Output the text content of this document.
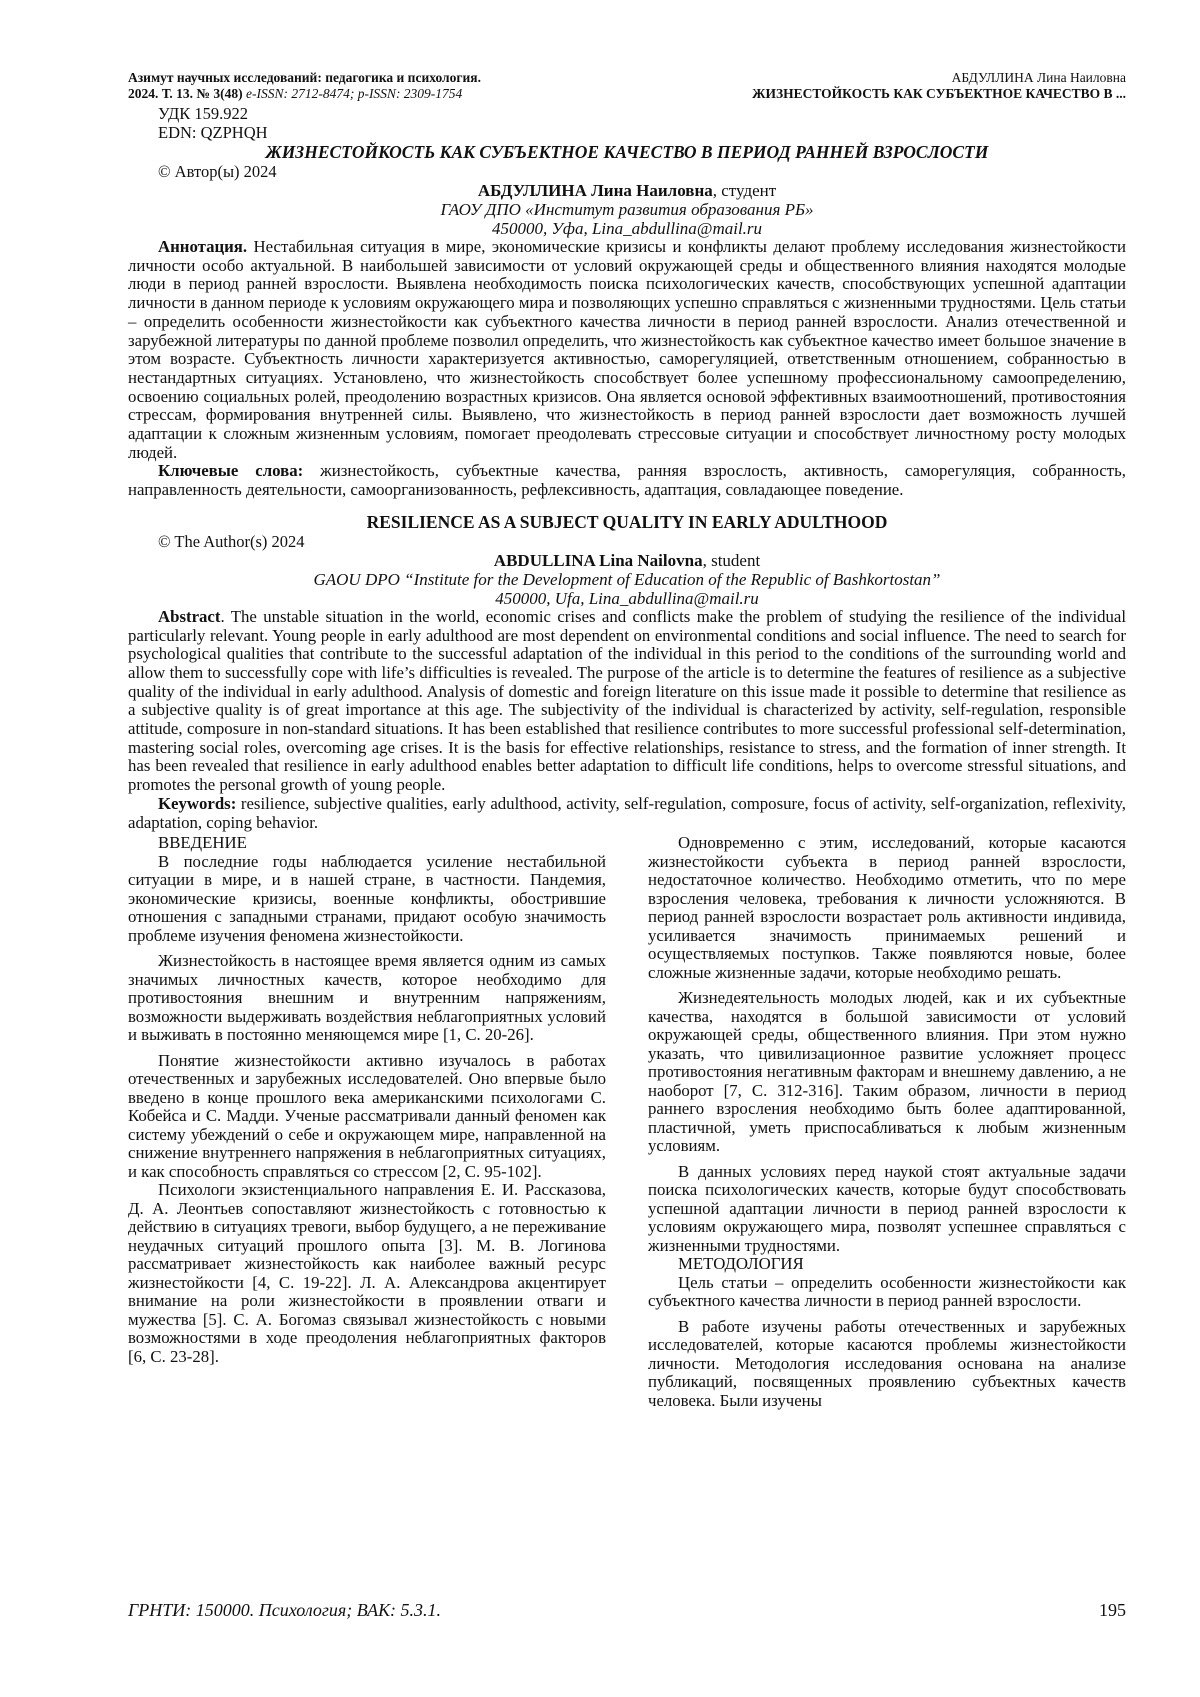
Азимут научных исследований: педагогика и психология.
2024. Т. 13. № 3(48) e-ISSN: 2712-8474; p-ISSN: 2309-1754
АБДУЛЛИНА Лина Наиловна
ЖИЗНЕСТОЙКОСТЬ КАК СУБЪЕКТНОЕ КАЧЕСТВО В ...
УДК 159.922
EDN: QZPHQH
ЖИЗНЕСТОЙКОСТЬ КАК СУБЪЕКТНОЕ КАЧЕСТВО В ПЕРИОД РАННЕЙ ВЗРОСЛОСТИ
© Автор(ы) 2024
АБДУЛЛИНА Лина Наиловна, студент
ГАОУ ДПО «Институт развития образования РБ»
450000, Уфа, Lina_abdullina@mail.ru

Аннотация. Нестабильная ситуация в мире, экономические кризисы и конфликты делают проблему исследования жизнестойкости личности особо актуальной. В наибольшей зависимости от условий окружающей среды и общественного влияния находятся молодые люди в период ранней взрослости. Выявлена необходимость поиска психологических качеств, способствующих успешной адаптации личности в данном периоде к условиям окружающего мира и позволяющих успешно справляться с жизненными трудностями. Цель статьи – определить особенности жизнестойкости как субъектного качества личности в период ранней взрослости. Анализ отечественной и зарубежной литературы по данной проблеме позволил определить, что жизнестойкость как субъектное качество имеет большое значение в этом возрасте. Субъектность личности характеризуется активностью, саморегуляцией, ответственным отношением, собранностью в нестандартных ситуациях. Установлено, что жизнестойкость способствует более успешному профессиональному самоопределению, освоению социальных ролей, преодолению возрастных кризисов. Она является основой эффективных взаимоотношений, противостояния стрессам, формирования внутренней силы. Выявлено, что жизнестойкость в период ранней взрослости дает возможность лучшей адаптации к сложным жизненным условиям, помогает преодолевать стрессовые ситуации и способствует личностному росту молодых людей.

Ключевые слова: жизнестойкость, субъектные качества, ранняя взрослость, активность, саморегуляция, собранность, направленность деятельности, самоорганизованность, рефлексивность, адаптация, совладающее поведение.

RESILIENCE AS A SUBJECT QUALITY IN EARLY ADULTHOOD
© The Author(s) 2024
ABDULLINA Lina Nailovna, student
GAOU DPO “Institute for the Development of Education of the Republic of Bashkortostan”
450000, Ufa, Lina_abdullina@mail.ru

Abstract. The unstable situation in the world, economic crises and conflicts make the problem of studying the resilience of the individual particularly relevant. Young people in early adulthood are most dependent on environmental conditions and social influence. The need to search for psychological qualities that contribute to the successful adaptation of the individual in this period to the conditions of the surrounding world and allow them to successfully cope with life’s difficulties is revealed. The purpose of the article is to determine the features of resilience as a subjective quality of the individual in early adulthood. Analysis of domestic and foreign literature on this issue made it possible to determine that resilience as a subjective quality is of great importance at this age. The subjectivity of the individual is characterized by activity, self-regulation, responsible attitude, composure in non-standard situations. It has been established that resilience contributes to more successful professional self-determination, mastering social roles, overcoming age crises. It is the basis for effective relationships, resistance to stress, and the formation of inner strength. It has been revealed that resilience in early adulthood enables better adaptation to difficult life conditions, helps to overcome stressful situations, and promotes the personal growth of young people.

Keywords: resilience, subjective qualities, early adulthood, activity, self-regulation, composure, focus of activity, self-organization, reflexivity, adaptation, coping behavior.

ВВЕДЕНИЕ

В последние годы наблюдается усиление нестабильной ситуации в мире, и в нашей стране, в частности. Пандемия, экономические кризисы, военные конфликты, обострившие отношения с западными странами, придают особую значимость проблеме изучения феномена жизнестойкости.

Жизнестойкость в настоящее время является одним из самых значимых личностных качеств, которое необходимо для противостояния внешним и внутренним напряжениям, возможности выдерживать воздействия неблагоприятных условий и выживать в постоянно меняющемся мире [1, С. 20-26].

Понятие жизнестойкости активно изучалось в работах отечественных и зарубежных исследователей. Оно впервые было введено в конце прошлого века американскими психологами С. Кобейса и С. Мадди. Ученые рассматривали данный феномен как систему убеждений о себе и окружающем мире, направленной на снижение внутреннего напряжения в неблагоприятных ситуациях, и как способность справляться со стрессом [2, С. 95-102].

Психологи экзистенциального направления Е. И. Рассказова, Д. А. Леонтьев сопоставляют жизнестойкость с готовностью к действию в ситуациях тревоги, выбор будущего, а не переживание неудачных ситуаций прошлого опыта [3]. М. В. Логинова рассматривает жизнестойкость как наиболее важный ресурс жизнестойкости [4, С. 19-22]. Л. А. Александрова акцентирует внимание на роли жизнестойкости в проявлении отваги и мужества [5]. С. А. Богомаз связывал жизнестойкость с новыми возможностями в ходе преодоления неблагоприятных факторов [6, С. 23-28].

Одновременно с этим, исследований, которые касаются жизнестойкости субъекта в период ранней взрослости, недостаточное количество. Необходимо отметить, что по мере взросления человека, требования к личности усложняются. В период ранней взрослости возрастает роль активности индивида, усиливается значимость принимаемых решений и осуществляемых поступков. Также появляются новые, более сложные жизненные задачи, которые необходимо решать.

Жизнедеятельность молодых людей, как и их субъектные качества, находятся в большой зависимости от условий окружающей среды, общественного влияния. При этом нужно указать, что цивилизационное развитие усложняет процесс противостояния негативным факторам и внешнему давлению, а не наоборот [7, С. 312-316]. Таким образом, личности в период раннего взросления необходимо быть более адаптированной, пластичной, уметь приспосабливаться к любым жизненным условиям.

В данных условиях перед наукой стоят актуальные задачи поиска психологических качеств, которые будут способствовать успешной адаптации личности в период ранней взрослости к условиям окружающего мира, позволят успешнее справляться с жизненными трудностями.

МЕТОДОЛОГИЯ

Цель статьи – определить особенности жизнестойкости как субъектного качества личности в период ранней взрослости.

В работе изучены работы отечественных и зарубежных исследователей, которые касаются проблемы жизнестойкости личности. Методология исследования основана на анализе публикаций, посвященных проявлению субъектных качеств человека. Были изучены

ГРНТИ: 150000. Психология; ВАК: 5.3.1.	195
